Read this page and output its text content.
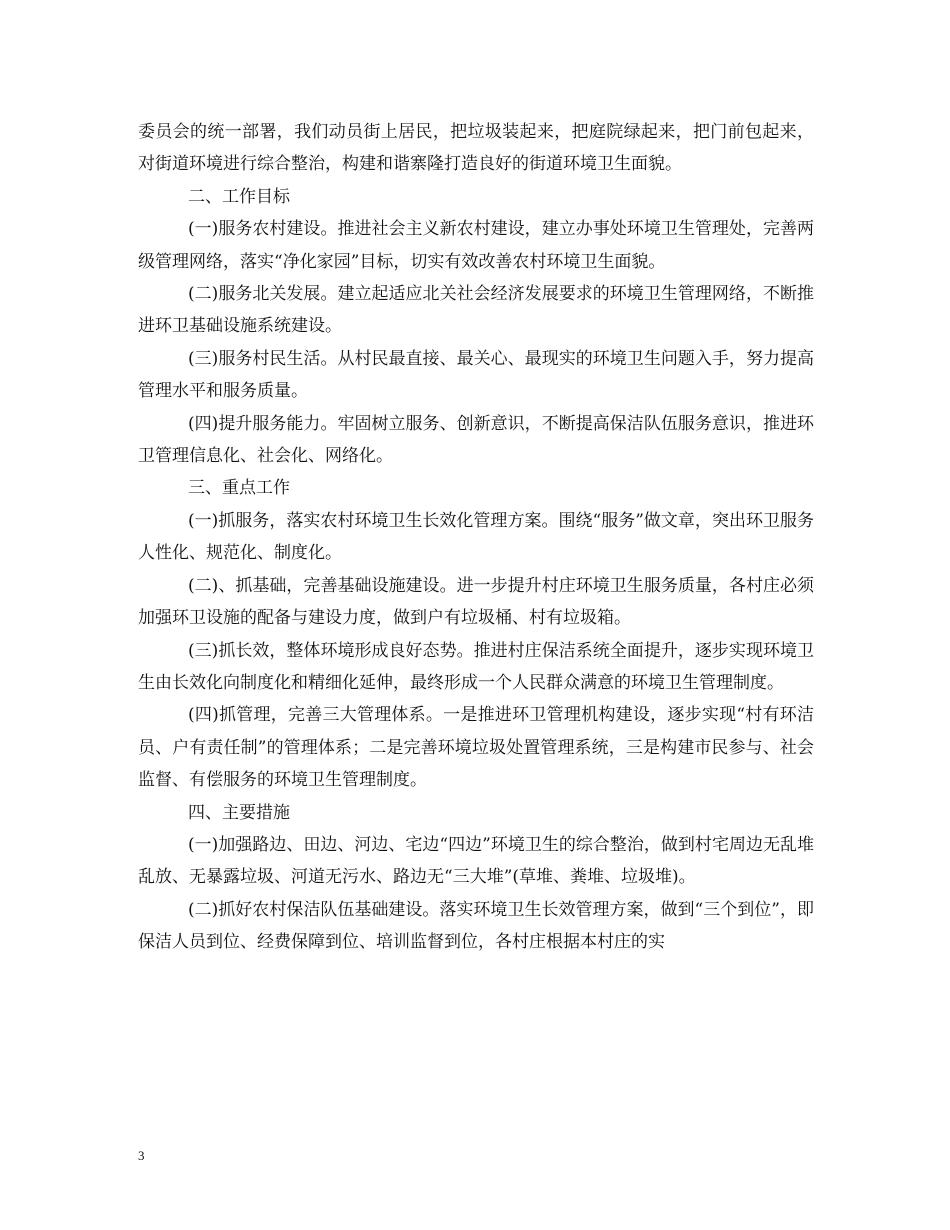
委员会的统一部署，我们动员街上居民，把垃圾装起来，把庭院绿起来，把门前包起来，对街道环境进行综合整治，构建和谐寨隆打造良好的街道环境卫生面貌。

二、工作目标

(一)服务农村建设。推进社会主义新农村建设，建立办事处环境卫生管理处，完善两级管理网络，落实“净化家园”目标，切实有效改善农村环境卫生面貌。

(二)服务北关发展。建立起适应北关社会经济发展要求的环境卫生管理网络，不断推进环卫基础设施系统建设。

(三)服务村民生活。从村民最直接、最关心、最现实的环境卫生问题入手，努力提高管理水平和服务质量。

(四)提升服务能力。牢固树立服务、创新意识，不断提高保洁队伍服务意识，推进环卫管理信息化、社会化、网络化。

三、重点工作

(一)抓服务，落实农村环境卫生长效化管理方案。围绕“服务”做文章，突出环卫服务人性化、规范化、制度化。

(二)、抓基础，完善基础设施建设。进一步提升村庄环境卫生服务质量，各村庄必须加强环卫设施的配备与建设力度，做到户有垃圾桶、村有垃圾箱。

(三)抓长效，整体环境形成良好态势。推进村庄保洁系统全面提升，逐步实现环境卫生由长效化向制度化和精细化延伸，最终形成一个人民群众满意的环境卫生管理制度。

(四)抓管理，完善三大管理体系。一是推进环卫管理机构建设，逐步实现“村有环洁员、户有责任制”的管理体系；二是完善环境垃圾处置管理系统，三是构建市民参与、社会监督、有偿服务的环境卫生管理制度。

四、主要措施

(一)加强路边、田边、河边、宅边“四边”环境卫生的综合整治，做到村宅周边无乱堆乱放、无暴露垃圾、河道无污水、路边无“三大堆”(草堆、粪堆、垃圾堆)。

(二)抓好农村保洁队伍基础建设。落实环境卫生长效管理方案，做到“三个到位”，即保洁人员到位、经费保障到位、培训监督到位，各村庄根据本村庄的实

3
